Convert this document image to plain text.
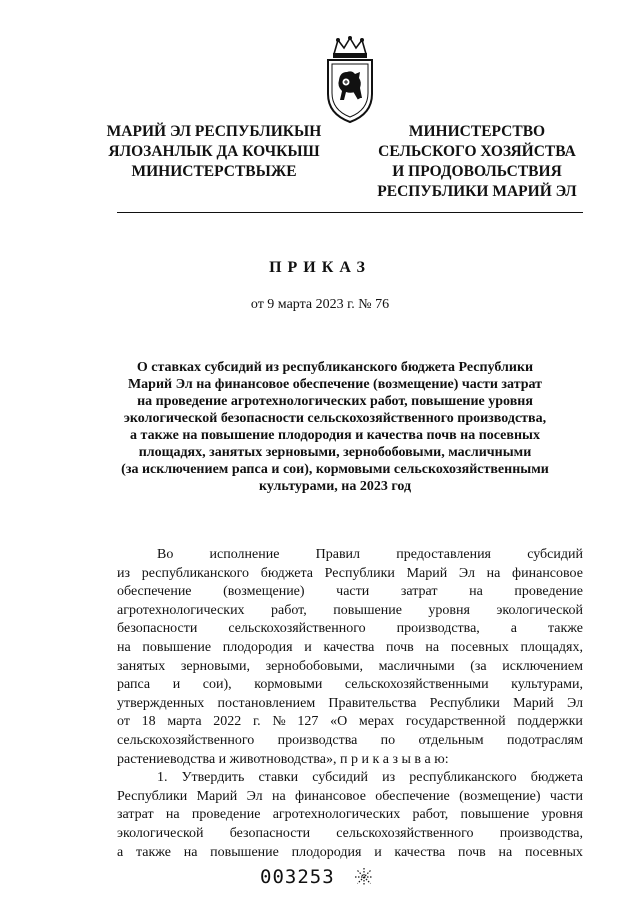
МАРИЙ ЭЛ РЕСПУБЛИКЫН
ЯЛОЗАНЛЫК ДА КОЧКЫШ
МИНИСТЕРСТВЫЖЕ
МИНИСТЕРСТВО
СЕЛЬСКОГО ХОЗЯЙСТВА
И ПРОДОВОЛЬСТВИЯ
РЕСПУБЛИКИ МАРИЙ ЭЛ
ПРИКАЗ
от 9 марта 2023 г. № 76
О ставках субсидий из республиканского бюджета Республики
Марий Эл на финансовое обеспечение (возмещение) части затрат
на проведение агротехнологических работ, повышение уровня
экологической безопасности сельскохозяйственного производства,
а также на повышение плодородия и качества почв на посевных
площадях, занятых зерновыми, зернобобовыми, масличными
(за исключением рапса и сои), кормовыми сельскохозяйственными
культурами, на 2023 год
Во	исполнение	Правил	предоставления	субсидий
из республиканского бюджета Республики Марий Эл на финансовое
обеспечение (возмещение) части затрат на проведение
агротехнологических работ, повышение уровня экологической
безопасности сельскохозяйственного производства, а также
на повышение плодородия и качества почв на посевных площадях,
занятых зерновыми, зернобобовыми, масличными (за исключением
рапса и сои), кормовыми сельскохозяйственными культурами,
утвержденных постановлением Правительства Республики Марий Эл
от 18 марта 2022 г. № 127 «О мерах государственной поддержки
сельскохозяйственного производства по отдельным подотраслям
растениеводства и животноводства», п р и к а з ы в а ю:
1. Утвердить ставки субсидий из республиканского бюджета
Республики Марий Эл на финансовое обеспечение (возмещение) части
затрат на проведение агротехнологических работ, повышение уровня
экологической безопасности сельскохозяйственного производства,
а также на повышение плодородия и качества почв на посевных
003253
